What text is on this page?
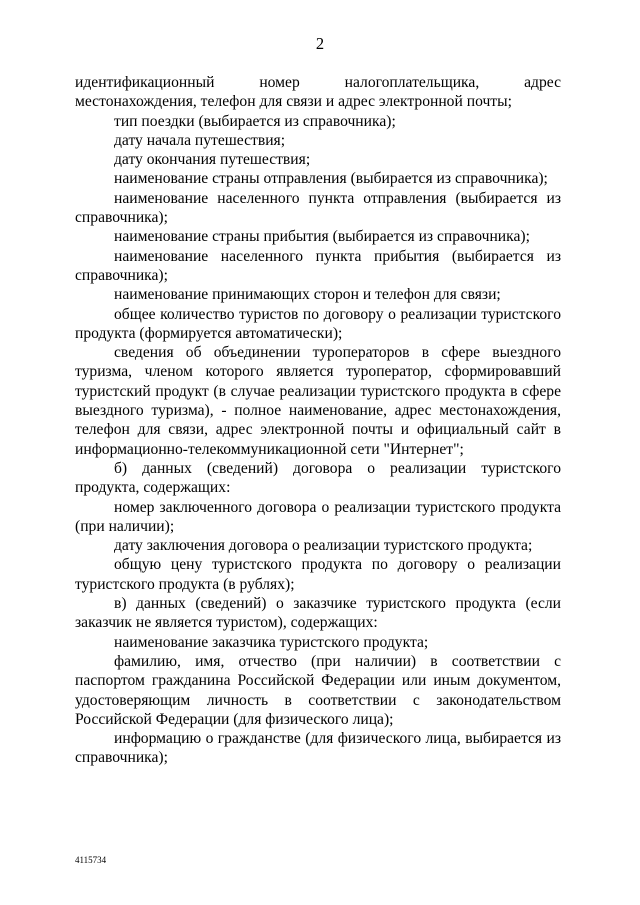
2

идентификационный номер налогоплательщика, адрес местонахождения, телефон для связи и адрес электронной почты;

тип поездки (выбирается из справочника);

дату начала путешествия;

дату окончания путешествия;

наименование страны отправления (выбирается из справочника);

наименование населенного пункта отправления (выбирается из справочника);

наименование страны прибытия (выбирается из справочника);

наименование населенного пункта прибытия (выбирается из справочника);

наименование принимающих сторон и телефон для связи;

общее количество туристов по договору о реализации туристского продукта (формируется автоматически);

сведения об объединении туроператоров в сфере выездного туризма, членом которого является туроператор, сформировавший туристский продукт (в случае реализации туристского продукта в сфере выездного туризма), - полное наименование, адрес местонахождения, телефон для связи, адрес электронной почты и официальный сайт в информационно-телекоммуникационной сети "Интернет";

б) данных (сведений) договора о реализации туристского продукта, содержащих:

номер заключенного договора о реализации туристского продукта (при наличии);

дату заключения договора о реализации туристского продукта;

общую цену туристского продукта по договору о реализации туристского продукта (в рублях);

в) данных (сведений) о заказчике туристского продукта (если заказчик не является туристом), содержащих:

наименование заказчика туристского продукта;

фамилию, имя, отчество (при наличии) в соответствии с паспортом гражданина Российской Федерации или иным документом, удостоверяющим личность в соответствии с законодательством Российской Федерации (для физического лица);

информацию о гражданстве (для физического лица, выбирается из справочника);

4115734
